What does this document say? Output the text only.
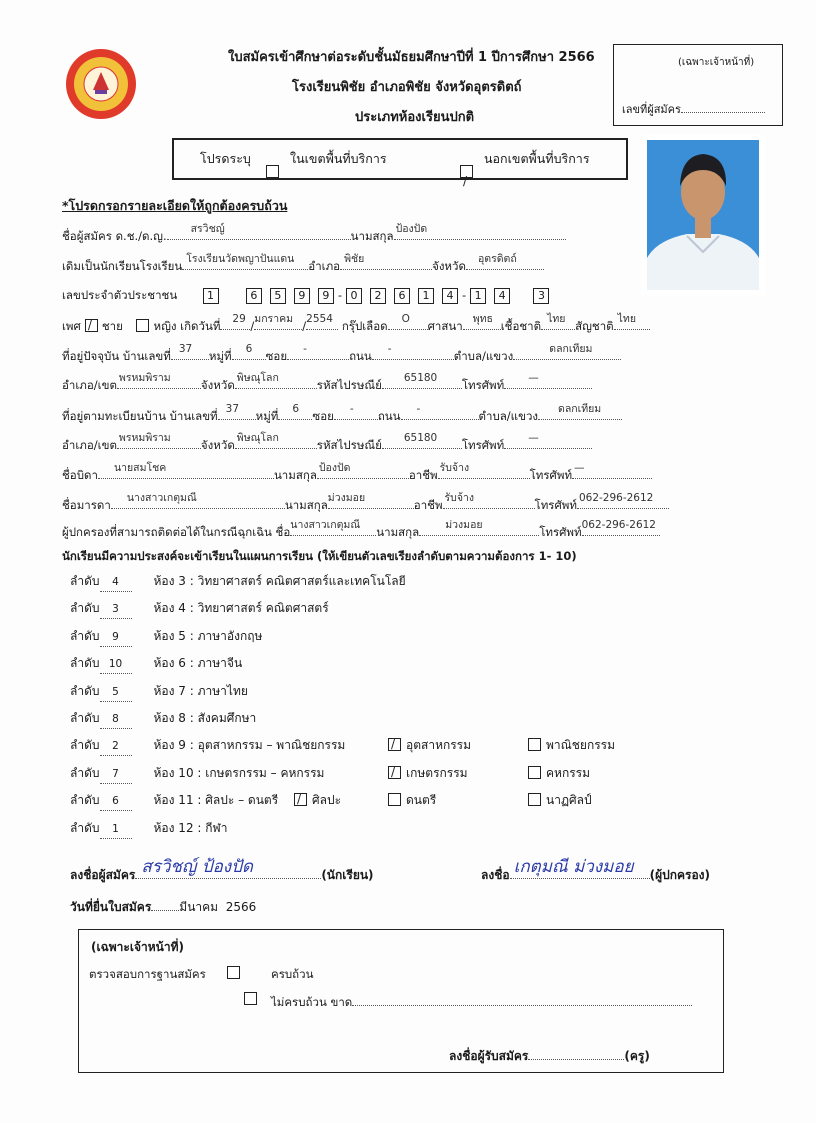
ใบสมัครเข้าศึกษาต่อระดับชั้นมัธยมศึกษาปีที่ 1 ปีการศึกษา 2566
โรงเรียนพิชัย อำเภอพิชัย จังหวัดอุตรดิตถ์
ประเภทห้องเรียนปกติ
(เฉพาะเจ้าหน้าที่)
เลขที่ผู้สมัคร
โปรดระบุ	ในเขตพื้นที่บริการ
/	นอกเขตพื้นที่บริการ
*โปรดกรอกรายละเอียดให้ถูกต้องครบถ้วน
ชื่อผู้สมัคร ด.ช./ด.ญ. สรวิชญ์	นามสกุล ป้องปัด
เดิมเป็นนักเรียนโรงเรียน โรงเรียนวัดพญาปันแดน อำเภอ พิชัย	จังหวัด อุตรดิตถ์
เลขประจำตัวประชาชน	1	6 5 9 9 - 0 2 6 1 4 - 1 4	3
เพศ / ชาย	หญิง เกิดวันที่ 29 / มกราคม / 2554 กรุ๊ปเลือด O ศาสนา พุทธ เชื้อชาติ ไทย สัญชาติ ไทย
ที่อยู่ปัจจุบัน บ้านเลขที่ 37 หมู่ที่ 6 ซอย -	ถนน -	ตำบล/แขวง	ดลกเทียม
อำเภอ/เขต พรหมพิราม	จังหวัด พิษณุโลก	รหัสไปรษณีย์ 65180 โทรศัพท์ —
ที่อยู่ตามทะเบียนบ้าน บ้านเลขที่ 37 หมู่ที่ 6 ซอย - ถนน -	ตำบล/แขวง ดลกเทียม
อำเภอ/เขต พรหมพิราม	จังหวัด พิษณุโลก	รหัสไปรษณีย์ 65180 โทรศัพท์ —
ชื่อบิดา นายสมโชค	นามสกุล ป้องปัด	อาชีพ รับจ้าง	โทรศัพท์ —
ชื่อมารดา นางสาวเกตุมณี	นามสกุล ม่วงมอย	อาชีพ รับจ้าง	โทรศัพท์ 062-296-2612
ผู้ปกครองที่สามารถติดต่อได้ในกรณีฉุกเฉิน ชื่อ นางสาวเกตุมณี นามสกุล ม่วงมอย	โทรศัพท์ 062-296-2612
นักเรียนมีความประสงค์จะเข้าเรียนในแผนการเรียน (ให้เขียนตัวเลขเรียงลำดับตามความต้องการ 1- 10)
ลำดับ 4	ห้อง 3 : วิทยาศาสตร์ คณิตศาสตร์และเทคโนโลยี
ลำดับ 3	ห้อง 4 : วิทยาศาสตร์ คณิตศาสตร์
ลำดับ 9	ห้อง 5 : ภาษาอังกฤษ
ลำดับ 10	ห้อง 6 : ภาษาจีน
ลำดับ 5	ห้อง 7 : ภาษาไทย
ลำดับ 8	ห้อง 8 : สังคมศึกษา
ลำดับ 2	ห้อง 9 : อุตสาหกรรม – พาณิชยกรรม /	อุตสาหกรรม	พาณิชยกรรม
ลำดับ 7	ห้อง 10 : เกษตรกรรม – คหกรรม /	เกษตรกรรม	คหกรรม
ลำดับ 6	ห้อง 11 : ศิลปะ – ดนตรี /	ศิลปะ	ดนตรี	นาฏศิลป์
ลำดับ 1	ห้อง 12 : กีฬา
ลงชื่อผู้สมัคร สรวิชญ์ ป้องปัด	(นักเรียน)	ลงชื่อ เกตุมณี ม่วงมอย (ผู้ปกครอง)
วันที่ยื่นใบสมัคร มีนาคม 2566
(เฉพาะเจ้าหน้าที่)
ตรวจสอบการฐานสมัคร
	ครบถ้วน
ไม่ครบถ้วน ขาด
ลงชื่อผู้รับสมัคร	(ครู)
